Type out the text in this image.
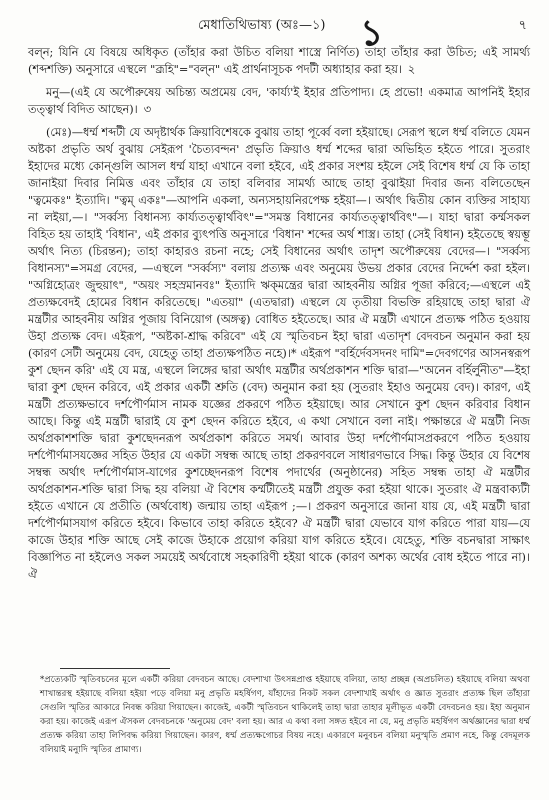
মেধাতিথিভাষ্য (অঃ—১) ১	৭

বল্‌ন; যিনি যে বিষয়ে অধিকৃত (তাঁহার করা উচিত বলিয়া শাস্ত্রে নির্ণিত) তাহা তাঁহার করা উচিত; এই সামর্থ্য (শব্দশক্তি) অনুসারে এস্থলে "ব্রূহি"="বল্‌ন" এই প্রার্থনাসূচক পদটী অধ্যাহার করা হয়। ২

মনু—(এই যে অপৌরুষেয় অচিন্ত্য অপ্রমেয় বেদ, 'কার্য্য'ই ইহার প্রতিপাদ্য। হে প্রভো! একমাত্র আপনিই ইহার তত্ত্বার্থ বিদিত আছেন)। ৩

(মেঃ)—ধর্ম্ম শব্দটী যে অদৃষ্টার্থক ক্রিয়াবিশেষকে বুঝায় তাহা পূর্ব্বে বলা হইয়াছে। সেরূপ স্থলে ধর্ম্ম বলিতে যেমন অষ্টকা প্রভৃতি অর্থ বুঝায় সেইরূপ 'চৈত্যবন্দন' প্রভৃতি ক্রিয়াও ধর্ম্ম শব্দের দ্বারা অভিহিত হইতে পারে। সুতরাং ইহাদের মধ্যে কোন্‌গুলি আসল ধর্ম্ম যাহা এখানে বলা হইবে, এই প্রকার সংশয় হইলে সেই বিশেষ ধর্ম্ম যে কি তাহা জানাইয়া দিবার নিমিত্ত এবং তাঁহার যে তাহা বলিবার সামর্থ্য আছে তাহা বুঝাইয়া দিবার জন্য বলিতেছেন "ত্বমেকঃ" ইত্যাদি। "ত্বম্‌ একঃ"—আপনি একলা, অন্যসহায়নিরপেক্ষ হইয়া—। অর্থাৎ দ্বিতীয় কোন ব্যক্তির সাহায্য না লইয়া,—। "সর্ব্বস্য বিধানস্য কার্য্যতত্ত্বার্থবিৎ"="সমস্ত বিধানের কার্য্যতত্ত্বার্থবিৎ"—। যাহা দ্বারা কর্ম্মসকল বিহিত হয় তাহাই 'বিধান', এই প্রকার ব্যুৎপত্তি অনুসারে 'বিধান' শব্দের অর্থ শাস্ত্র। তাহা (সেই বিধান) হইতেছে স্বয়ম্ভূ অর্থাৎ নিত্য (চিরন্তন); তাহা কাহারও রচনা নহে; সেই বিধানের অর্থাৎ তাদৃশ অপৌরুষেয় বেদের—। "সর্ব্বস্য বিধানস্য"=সমগ্র বেদের, —এস্থলে "সর্ব্বস্য" বলায় প্রত্যক্ষ এবং অনুমেয় উভয় প্রকার বেদের নির্দ্দেশ করা হইল। "অগ্নিহোত্রং জুহুয়াৎ", "অয়ং সহস্রমানবঃ" ইত্যাদি ঋক্‌মন্ত্রের দ্বারা আহবনীয় অগ্নির পূজা করিবে;—এস্থলে এই প্রত্যক্ষবেদই হোমের বিধান করিতেছে। "এতয়া" (এতদ্বারা) এস্থলে যে তৃতীয়া বিভক্তি রহিয়াছে তাহা দ্বারা ঐ মন্ত্রটীর আহবনীয় অগ্নির পূজায় বিনিয়োগ (অঙ্গত্ব) বোধিত হইতেছে। আর ঐ মন্ত্রটী এখানে প্রত্যক্ষ পঠিত হওয়ায় উহা প্রত্যক্ষ বেদ। এইরূপ, "অষ্টকা-শ্রাদ্ধ করিবে" এই যে স্মৃতিবচন ইহা দ্বারা এতাদৃশ বেদবচন অনুমান করা হয় (কারণ সেটী অনুমেয় বেদ, যেহেতু তাহা প্রত্যক্ষপঠিত নহে)।* এইরূপ "বর্হির্দেবসদনং দামি"=দেবগণের আসনস্বরূপ কুশ ছেদন করি' এই যে মন্ত্র, এস্থলে লিঙ্গের দ্বারা অর্থাৎ মন্ত্রটীর অর্থপ্রকাশন শক্তি দ্বারা—"অনেন বর্হির্লুনীত"—ইহা দ্বারা কুশ ছেদন করিবে, এই প্রকার একটী শ্রুতি (বেদ) অনুমান করা হয় (সুতরাং ইহাও অনুমেয় বেদ)। কারণ, এই মন্ত্রটী প্রত্যক্ষভাবে দর্শপৌর্ণমাস নামক যজ্ঞের প্রকরণে পঠিত হইয়াছে। আর সেখানে কুশ ছেদন করিবার বিধান আছে। কিন্তু এই মন্ত্রটী দ্বারাই যে কুশ ছেদন করিতে হইবে, এ কথা সেখানে বলা নাই। পক্ষান্তরে ঐ মন্ত্রটী নিজ অর্থপ্রকাশশক্তি দ্বারা কুশছেদনরূপ অর্থপ্রকাশ করিতে সমর্থ। আবার উহা দর্শপৌর্ণমাসপ্রকরণে পঠিত হওয়ায় দর্শপৌর্ণমাসযজ্ঞের সহিত উহার যে একটা সম্বন্ধ আছে তাহা প্রকরণবলে সাধারণভাবে সিদ্ধ। কিন্তু উহার যে বিশেষ সম্বন্ধ অর্থাৎ দর্শপৌর্ণমাস-যাগের কুশচ্ছেদনরূপ বিশেষ পদার্থের (অনুষ্ঠানের) সহিত সম্বন্ধ তাহা ঐ মন্ত্রটীর অর্থপ্রকাশন-শক্তি দ্বারা সিদ্ধ হয় বলিয়া ঐ বিশেষ কর্ম্মটীতেই মন্ত্রটী প্রযুক্ত করা হইয়া থাকে। সুতরাং ঐ মন্ত্রবাক্যটী হইতে এখানে যে প্রতীতি (অর্থবোধ) জন্মায় তাহা এইরূপ ;—। প্রকরণ অনুসারে জানা যায় যে, এই মন্ত্রটী দ্বারা দর্শপৌর্ণমাসযাগ করিতে হইবে। কিভাবে তাহা করিতে হইবে? ঐ মন্ত্রটী দ্বারা যেভাবে যাগ করিতে পারা যায়—যে কাজে উহার শক্তি আছে সেই কাজে উহাকে প্রয়োগ করিয়া যাগ করিতে হইবে। যেহেতু, শক্তি বচনদ্বারা সাক্ষাৎ বিজ্ঞাপিত না হইলেও সকল সময়েই অর্থবোধে সহকারিণী হইয়া থাকে (কারণ অশক্য অর্থের বোধ হইতে পারে না)। ঐ

*প্রত্যেকটি স্মৃতিবচনের মূলে একটী করিয়া বেদবচন আছে। বেদশাখা উৎসন্নপ্রাপ্ত হইয়াছে বলিয়া, তাহা প্রচ্ছন্ন (অপ্রচলিত) হইয়াছে বলিয়া অথবা শাখান্তরস্থ হইয়াছে বলিয়া হইয়া পড়ে বলিয়া মনু প্রভৃতি মহর্ষিগণ, যাঁহাদের নিকট সকল বেদশাখাই অর্থাৎ ও জ্ঞাত সুতরাং প্রত্যক্ষ ছিল তাঁহারা সেগুলি স্মৃতির আকারে নিবন্ধ করিয়া গিয়াছেন। কাজেই, একটী স্মৃতিবচন থাকিলেই তাহা দ্বারা তাহার মূলীভূত একটী বেদবচনও হয়। ইহা অনুমান করা হয়। কাজেই এরূপ ঐসকল বেদবচনকে 'অনুমেয় বেদ' বলা হয়। আর এ কথা বলা সঙ্গত হইবে না যে, মনু প্রভৃতি মহর্ষিগণ অর্থজ্ঞানের দ্বারা ধর্ম্ম প্রত্যক্ষ করিয়া তাহা লিপিবদ্ধ করিয়া গিয়াছেন। কারণ, ধর্ম্ম প্রত্যক্ষগোচর বিষয় নহে। একারণে মনুবচন বলিয়া মনুস্মৃতি প্রমাণ নহে, কিন্তু বেদমূলক বলিয়াই মনুাদি স্মৃতির প্রামাণ্য।
